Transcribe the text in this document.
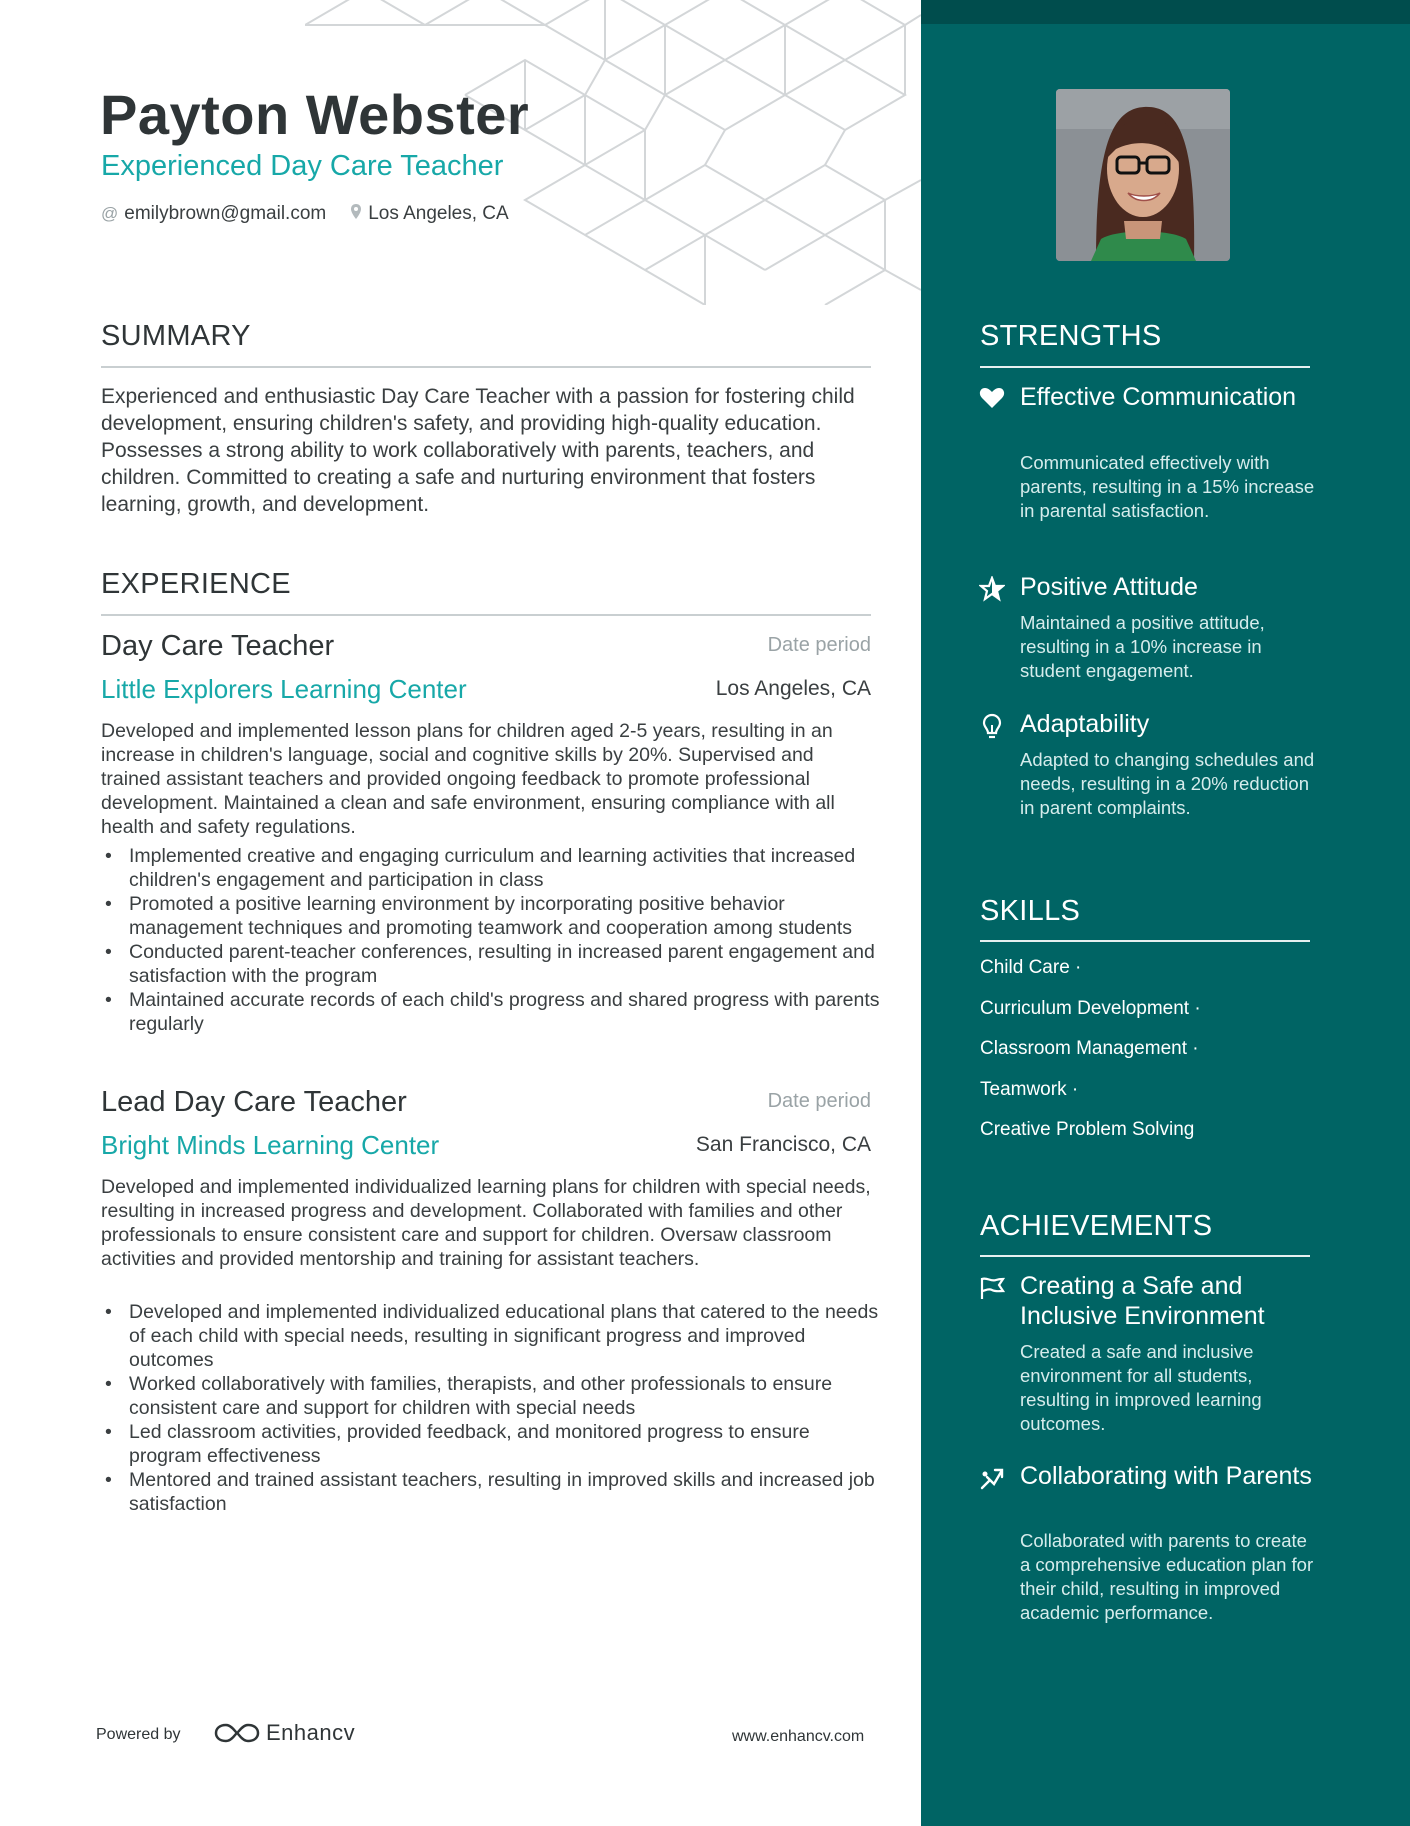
Payton Webster
Experienced Day Care Teacher
@ emilybrown@gmail.com Los Angeles, CA
SUMMARY
Experienced and enthusiastic Day Care Teacher with a passion for fostering child development, ensuring children's safety, and providing high-quality education. Possesses a strong ability to work collaboratively with parents, teachers, and children. Committed to creating a safe and nurturing environment that fosters learning, growth, and development.
EXPERIENCE
Day Care Teacher	Date period
Little Explorers Learning Center	Los Angeles, CA
Developed and implemented lesson plans for children aged 2-5 years, resulting in an increase in children's language, social and cognitive skills by 20%. Supervised and trained assistant teachers and provided ongoing feedback to promote professional development. Maintained a clean and safe environment, ensuring compliance with all health and safety regulations.
• Implemented creative and engaging curriculum and learning activities that increased children's engagement and participation in class
• Promoted a positive learning environment by incorporating positive behavior management techniques and promoting teamwork and cooperation among students
• Conducted parent-teacher conferences, resulting in increased parent engagement and satisfaction with the program
• Maintained accurate records of each child's progress and shared progress with parents regularly
Lead Day Care Teacher	Date period
Bright Minds Learning Center	San Francisco, CA
Developed and implemented individualized learning plans for children with special needs, resulting in increased progress and development. Collaborated with families and other professionals to ensure consistent care and support for children. Oversaw classroom activities and provided mentorship and training for assistant teachers.
• Developed and implemented individualized educational plans that catered to the needs of each child with special needs, resulting in significant progress and improved outcomes
• Worked collaboratively with families, therapists, and other professionals to ensure consistent care and support for children with special needs
• Led classroom activities, provided feedback, and monitored progress to ensure program effectiveness
• Mentored and trained assistant teachers, resulting in improved skills and increased job satisfaction
Powered by	Enhancv	www.enhancv.com
STRENGTHS
Effective Communication
Communicated effectively with parents, resulting in a 15% increase in parental satisfaction.
Positive Attitude
Maintained a positive attitude, resulting in a 10% increase in student engagement.
Adaptability
Adapted to changing schedules and needs, resulting in a 20% reduction in parent complaints.
SKILLS
Child Care ·
Curriculum Development ·
Classroom Management ·
Teamwork ·
Creative Problem Solving
ACHIEVEMENTS
Creating a Safe and Inclusive Environment
Created a safe and inclusive environment for all students, resulting in improved learning outcomes.
Collaborating with Parents
Collaborated with parents to create a comprehensive education plan for their child, resulting in improved academic performance.
